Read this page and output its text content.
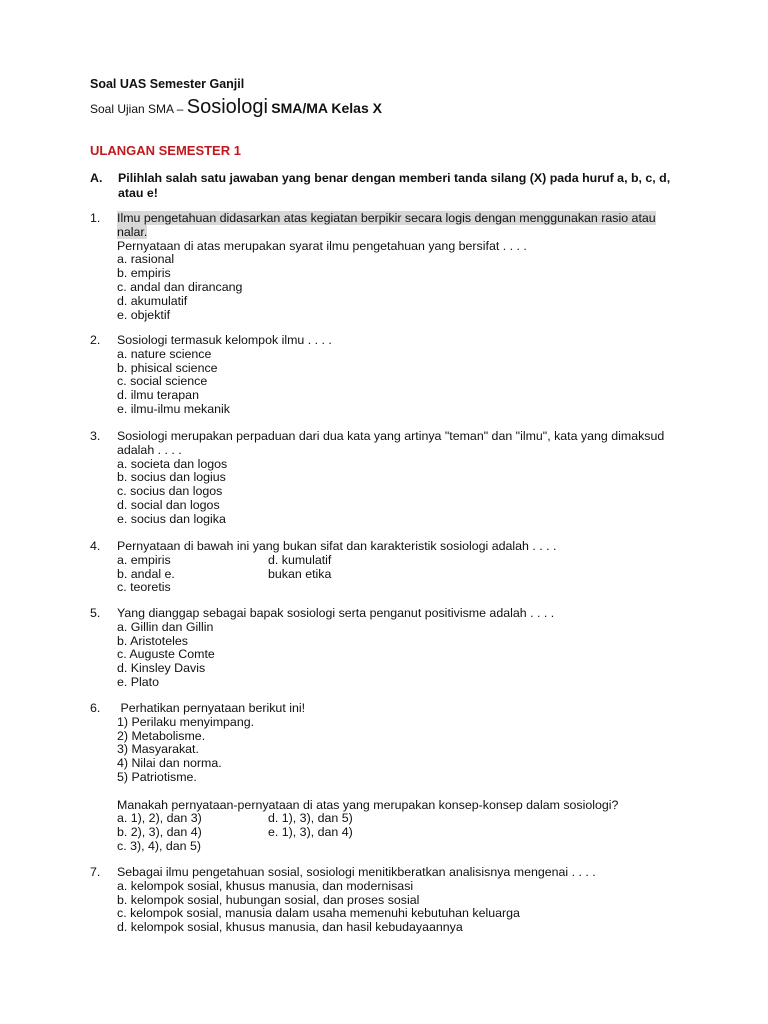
Soal UAS Semester Ganjil
Soal Ujian SMA – Sosiologi SMA/MA Kelas X
ULANGAN SEMESTER 1
A. Pilihlah salah satu jawaban yang benar dengan memberi tanda silang (X) pada huruf a, b, c, d, atau e!
1. Ilmu pengetahuan didasarkan atas kegiatan berpikir secara logis dengan menggunakan rasio atau nalar.
Pernyataan di atas merupakan syarat ilmu pengetahuan yang bersifat . . . .
a. rasional
b. empiris
c. andal dan dirancang
d. akumulatif
e. objektif
2. Sosiologi termasuk kelompok ilmu . . . .
a. nature science
b. phisical science
c. social science
d. ilmu terapan
e. ilmu-ilmu mekanik
3. Sosiologi merupakan perpaduan dari dua kata yang artinya "teman" dan "ilmu", kata yang dimaksud adalah . . . .
a. societa dan logos
b. socius dan logius
c. socius dan logos
d. social dan logos
e. socius dan logika
4. Pernyataan di bawah ini yang bukan sifat dan karakteristik sosiologi adalah . . . .
a. empiris	d. kumulatif
b. andal e.	bukan etika
c. teoretis
5. Yang dianggap sebagai bapak sosiologi serta penganut positivisme adalah . . . .
a. Gillin dan Gillin
b. Aristoteles
c. Auguste Comte
d. Kinsley Davis
e. Plato
6. Perhatikan pernyataan berikut ini!
1) Perilaku menyimpang.
2) Metabolisme.
3) Masyarakat.
4) Nilai dan norma.
5) Patriotisme.
Manakah pernyataan-pernyataan di atas yang merupakan konsep-konsep dalam sosiologi?
a. 1), 2), dan 3)	d. 1), 3), dan 5)
b. 2), 3), dan 4)	e. 1), 3), dan 4)
c. 3), 4), dan 5)
7. Sebagai ilmu pengetahuan sosial, sosiologi menitikberatkan analisisnya mengenai . . . .
a. kelompok sosial, khusus manusia, dan modernisasi
b. kelompok sosial, hubungan sosial, dan proses sosial
c. kelompok sosial, manusia dalam usaha memenuhi kebutuhan keluarga
d. kelompok sosial, khusus manusia, dan hasil kebudayaannya
